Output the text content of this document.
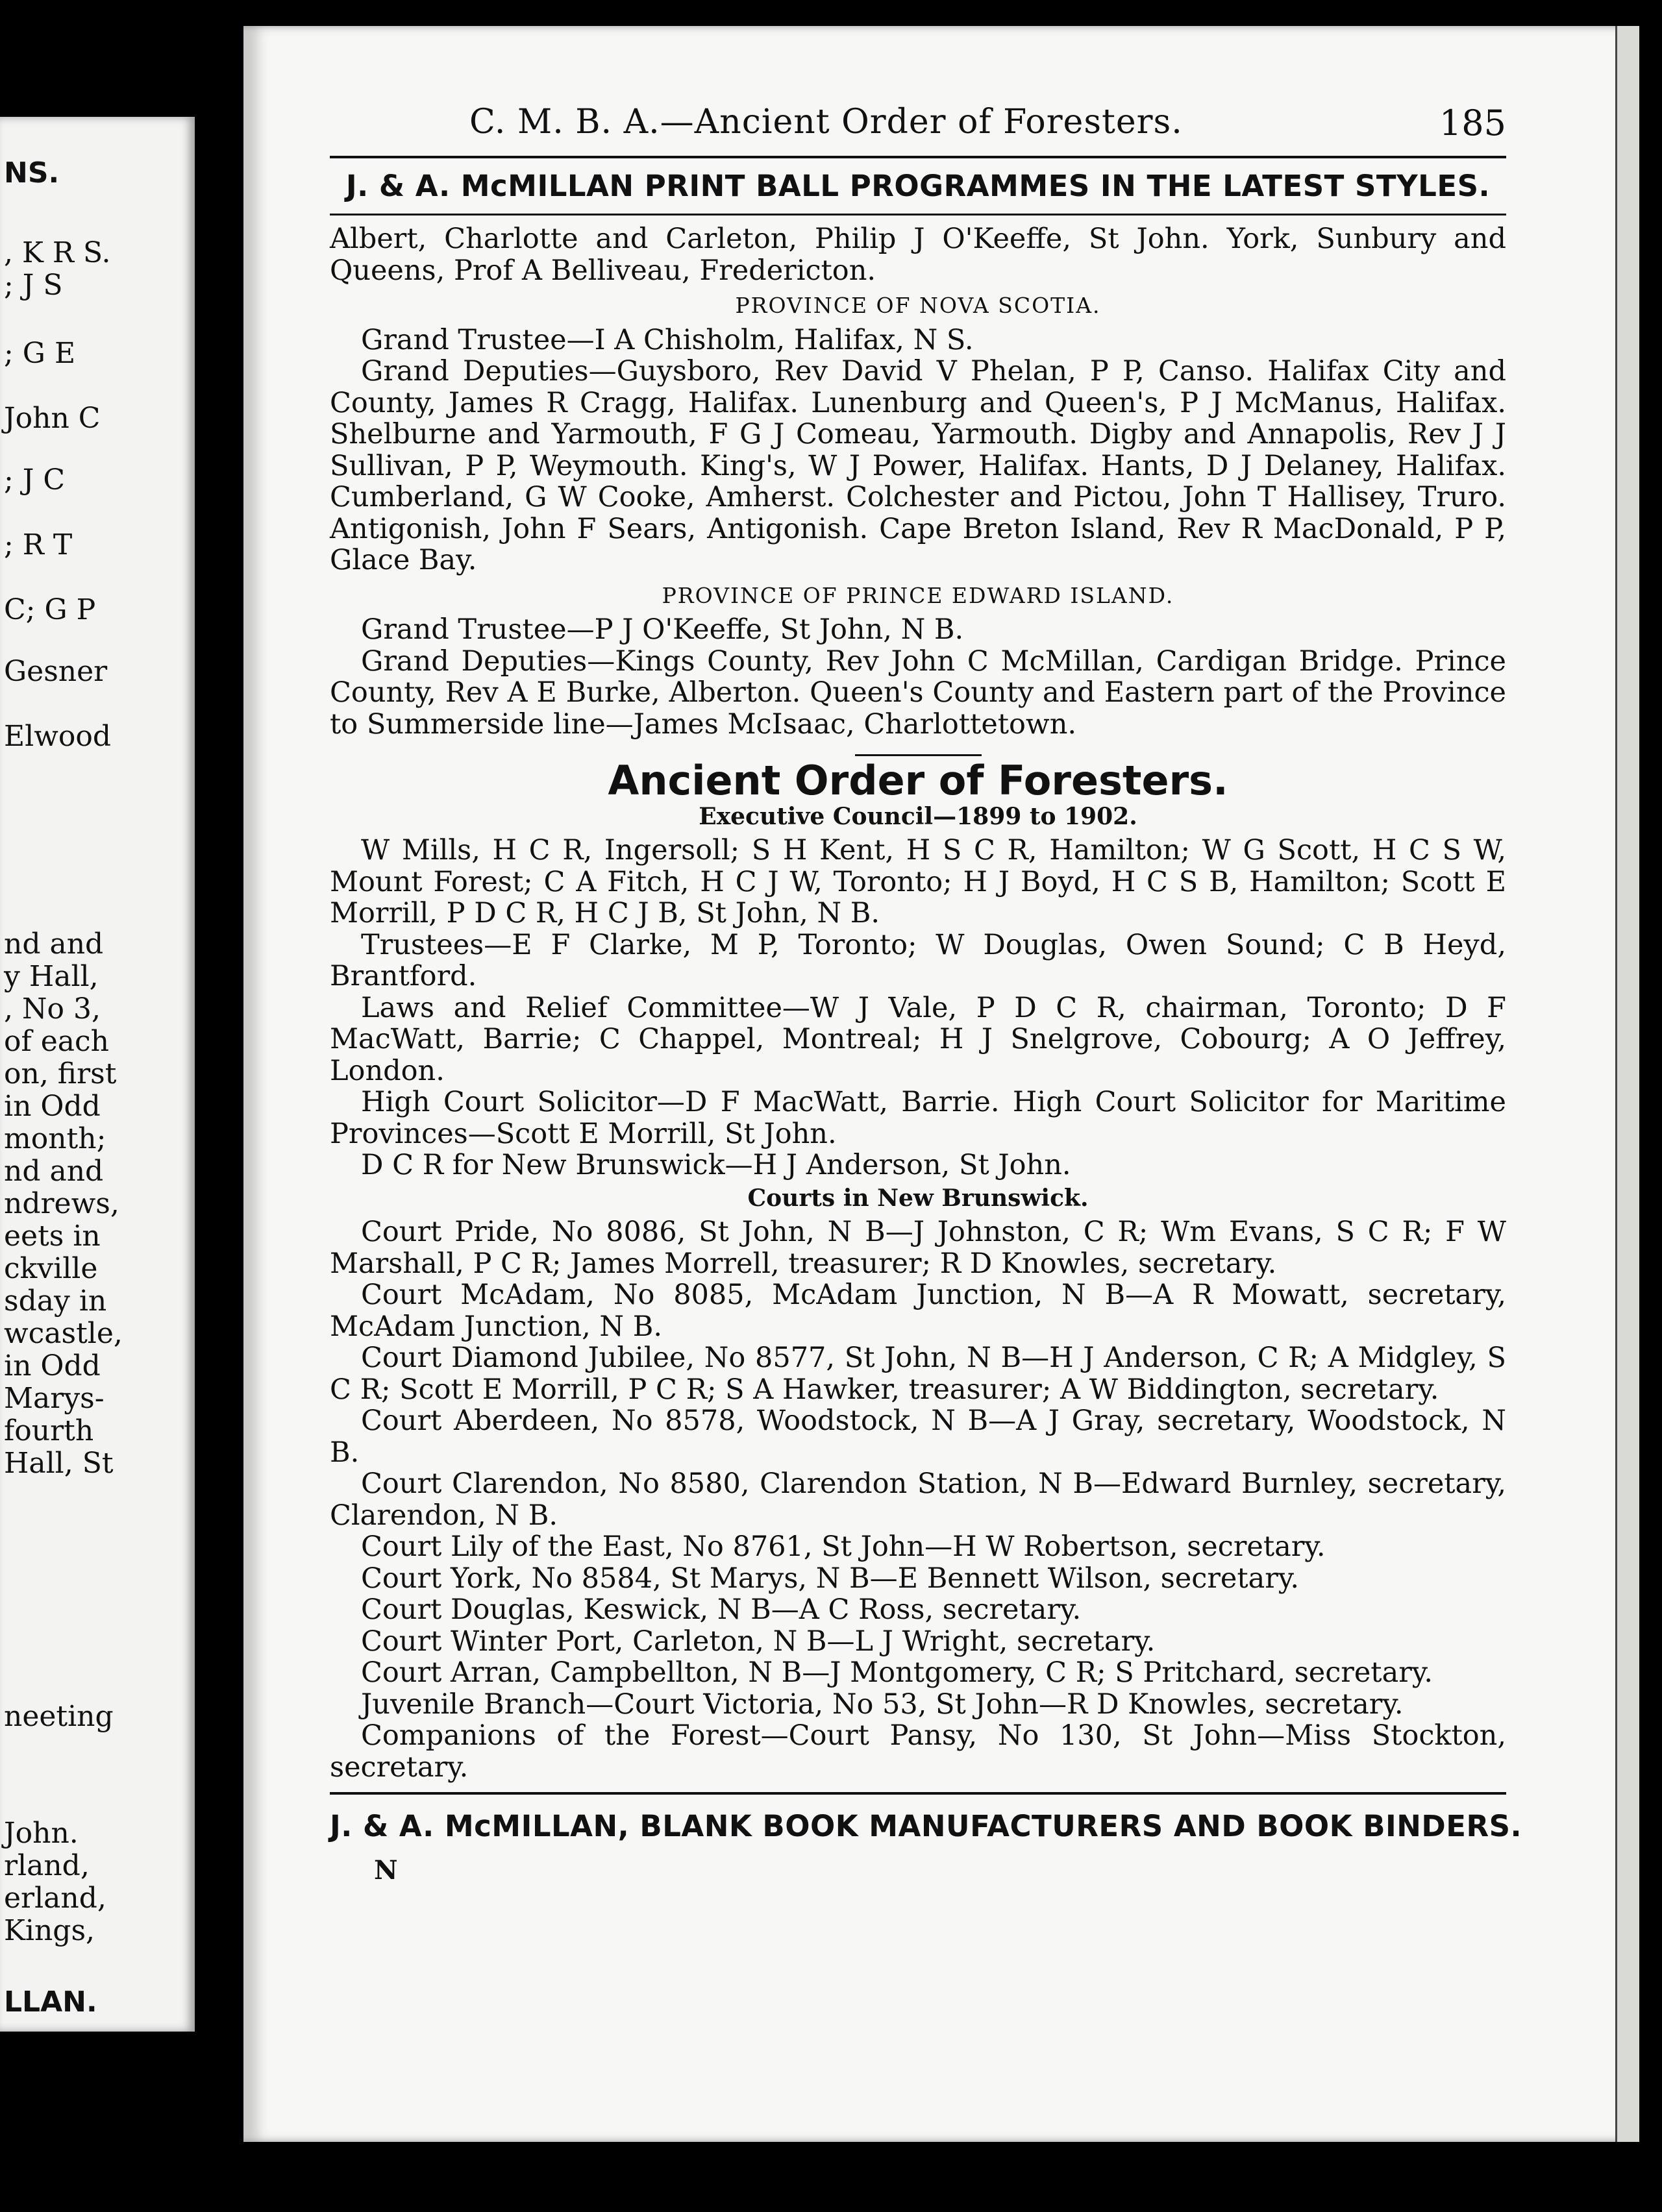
NS.
, K R S.
; J S
; G E
John C
; J C
; R T
C; G P
Gesner
Elwood
nd and
y Hall,
, No 3,
of each
on, first
in Odd
month;
nd and
ndrews,
eets in
ckville
sday in
wcastle,
in Odd
Marys-
fourth
Hall, St
neeting
John.
rland,
erland,
Kings,
LLAN.
C. M. B. A.—Ancient Order of Foresters.	185
J. & A. McMILLAN PRINT BALL PROGRAMMES IN THE LATEST STYLES.

Albert, Charlotte and Carleton, Philip J O'Keeffe, St John. York, Sunbury and Queens, Prof A Belliveau, Fredericton.

PROVINCE OF NOVA SCOTIA.

Grand Trustee—I A Chisholm, Halifax, N S.

Grand Deputies—Guysboro, Rev David V Phelan, P P, Canso. Halifax City and County, James R Cragg, Halifax. Lunenburg and Queen's, P J McManus, Halifax. Shelburne and Yarmouth, F G J Comeau, Yarmouth. Digby and Annapolis, Rev J J Sullivan, P P, Weymouth. King's, W J Power, Halifax. Hants, D J Delaney, Halifax. Cumberland, G W Cooke, Amherst. Colchester and Pictou, John T Hallisey, Truro. Antigonish, John F Sears, Antigonish. Cape Breton Island, Rev R MacDonald, P P, Glace Bay.

PROVINCE OF PRINCE EDWARD ISLAND.

Grand Trustee—P J O'Keeffe, St John, N B.

Grand Deputies—Kings County, Rev John C McMillan, Cardigan Bridge. Prince County, Rev A E Burke, Alberton. Queen's County and Eastern part of the Province to Summerside line—James McIsaac, Charlottetown.

Ancient Order of Foresters.
Executive Council—1899 to 1902.

W Mills, H C R, Ingersoll; S H Kent, H S C R, Hamilton; W G Scott, H C S W, Mount Forest; C A Fitch, H C J W, Toronto; H J Boyd, H C S B, Hamilton; Scott E Morrill, P D C R, H C J B, St John, N B.

Trustees—E F Clarke, M P, Toronto; W Douglas, Owen Sound; C B Heyd, Brantford.

Laws and Relief Committee—W J Vale, P D C R, chairman, Toronto; D F MacWatt, Barrie; C Chappel, Montreal; H J Snelgrove, Cobourg; A O Jeffrey, London.

High Court Solicitor—D F MacWatt, Barrie. High Court Solicitor for Maritime Provinces—Scott E Morrill, St John.

D C R for New Brunswick—H J Anderson, St John.

Courts in New Brunswick.

Court Pride, No 8086, St John, N B—J Johnston, C R; Wm Evans, S C R; F W Marshall, P C R; James Morrell, treasurer; R D Knowles, secretary.

Court McAdam, No 8085, McAdam Junction, N B—A R Mowatt, secretary, McAdam Junction, N B.

Court Diamond Jubilee, No 8577, St John, N B—H J Anderson, C R; A Midgley, S C R; Scott E Morrill, P C R; S A Hawker, treasurer; A W Biddington, secretary.

Court Aberdeen, No 8578, Woodstock, N B—A J Gray, secretary, Woodstock, N B.

Court Clarendon, No 8580, Clarendon Station, N B—Edward Burnley, secretary, Clarendon, N B.

Court Lily of the East, No 8761, St John—H W Robertson, secretary.

Court York, No 8584, St Marys, N B—E Bennett Wilson, secretary.

Court Douglas, Keswick, N B—A C Ross, secretary.

Court Winter Port, Carleton, N B—L J Wright, secretary.

Court Arran, Campbellton, N B—J Montgomery, C R; S Pritchard, secretary.

Juvenile Branch—Court Victoria, No 53, St John—R D Knowles, secretary.

Companions of the Forest—Court Pansy, No 130, St John—Miss Stockton, secretary.

J. & A. McMILLAN, BLANK BOOK MANUFACTURERS AND BOOK BINDERS.
N
